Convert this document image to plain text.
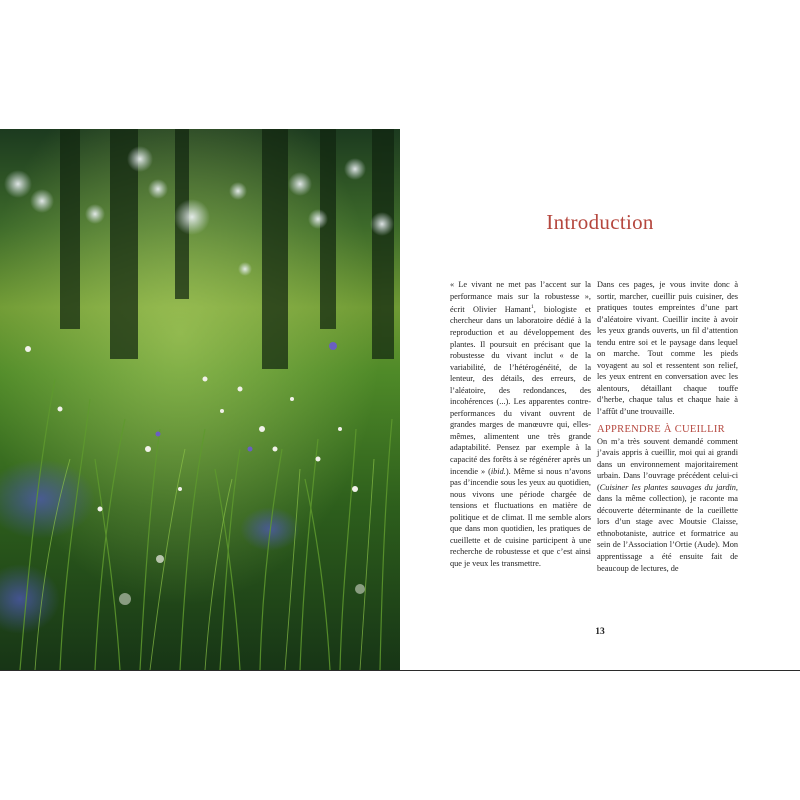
Introduction

« Le vivant ne met pas l’accent sur la performance mais sur la robustesse », écrit Olivier Hamant$^1$, biologiste et chercheur dans un laboratoire dédié à la reproduction et au développement des plantes. Il poursuit en précisant que la robustesse du vivant inclut « de la variabilité, de l’hétérogénéité, de la lenteur, des détails, des erreurs, de l’aléatoire, des redondances, des incohérences (...). Les apparentes contre-performances du vivant ouvrent de grandes marges de manœuvre qui, elles-mêmes, alimentent une très grande adaptabilité. Pensez par exemple à la capacité des forêts à se régénérer après un incendie » (ibid.). Même si nous n’avons pas d’incendie sous les yeux au quotidien, nous vivons une période chargée de tensions et fluctuations en matière de politique et de climat. Il me semble alors que dans mon quotidien, les pratiques de cueillette et de cuisine participent à une recherche de robustesse et que c’est ainsi que je veux les transmettre.

Dans ces pages, je vous invite donc à sortir, marcher, cueillir puis cuisiner, des pratiques toutes empreintes d’une part d’aléatoire vivant. Cueillir incite à avoir les yeux grands ouverts, un fil d’attention tendu entre soi et le paysage dans lequel on marche. Tout comme les pieds voyagent au sol et ressentent son relief, les yeux entrent en conversation avec les alentours, détaillant chaque touffe d’herbe, chaque talus et chaque haie à l’affût d’une trouvaille.

APPRENDRE À CUEILLIR

On m’a très souvent demandé comment j’avais appris à cueillir, moi qui ai grandi dans un environnement majoritairement urbain. Dans l’ouvrage précédent celui-ci (Cuisiner les plantes sauvages du jardin, dans la même collection), je raconte ma découverte déterminante de la cueillette lors d’un stage avec Moutsie Claisse, ethnobotaniste, autrice et formatrice au sein de l’Association l’Ortie (Aude). Mon apprentissage a été ensuite fait de beaucoup de lectures, de

13
